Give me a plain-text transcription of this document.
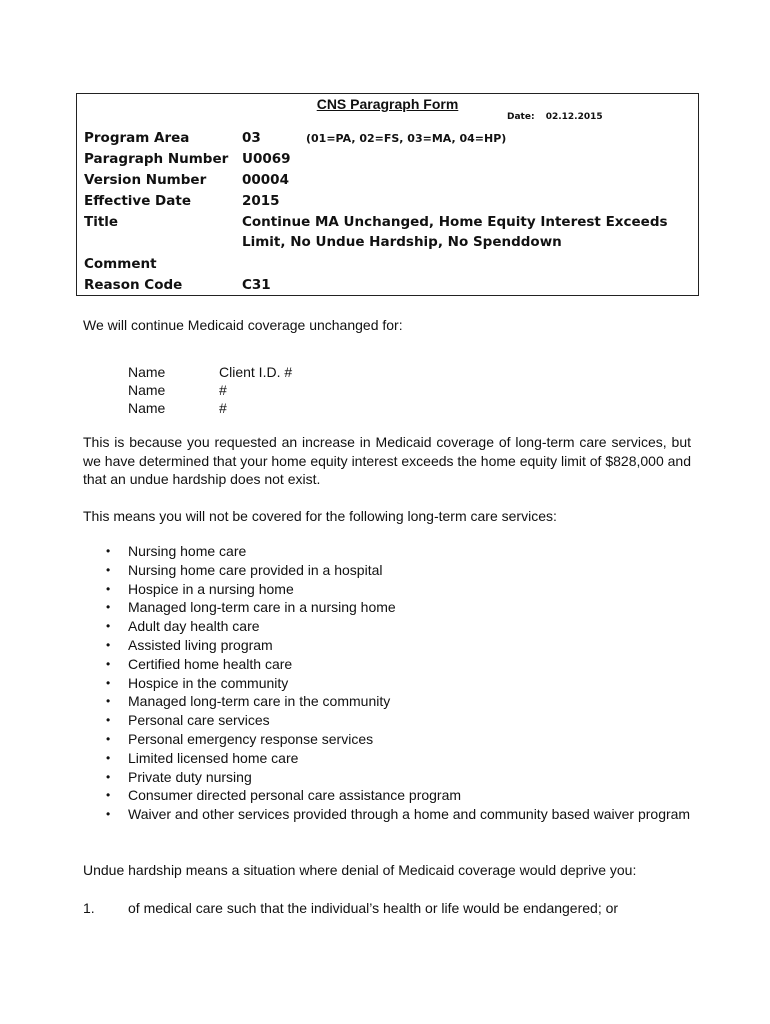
CNS Paragraph Form
Date: 02.12.2015
Program Area	03	(01=PA, 02=FS, 03=MA, 04=HP)
Paragraph Number	U0069
Version Number	00004
Effective Date	2015
Title	Continue MA Unchanged, Home Equity Interest Exceeds Limit, No Undue Hardship, No Spenddown
Comment
Reason Code	C31
We will continue Medicaid coverage unchanged for:
Name	Client I.D. #
Name	#
Name	#
This is because you requested an increase in Medicaid coverage of long-term care services, but we have determined that your home equity interest exceeds the home equity limit of $828,000 and that an undue hardship does not exist.
This means you will not be covered for the following long-term care services:
•	Nursing home care
•	Nursing home care provided in a hospital
•	Hospice in a nursing home
•	Managed long-term care in a nursing home
•	Adult day health care
•	Assisted living program
•	Certified home health care
•	Hospice in the community
•	Managed long-term care in the community
•	Personal care services
•	Personal emergency response services
•	Limited licensed home care
•	Private duty nursing
•	Consumer directed personal care assistance program
•	Waiver and other services provided through a home and community based waiver program
Undue hardship means a situation where denial of Medicaid coverage would deprive you:
1.	of medical care such that the individual’s health or life would be endangered; or
